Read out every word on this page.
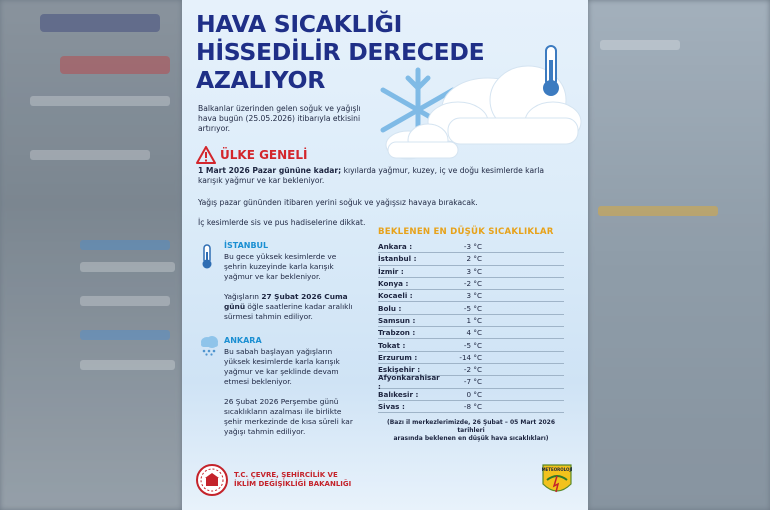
HAVA SICAKLIĞI
HİSSEDİLİR DERECEDE
AZALIYOR
Balkanlar üzerinden gelen soğuk ve yağışlı
hava bugün (25.05.2026) itibarıyla etkisini
artırıyor.
ÜLKE GENELİ
1 Mart 2026 Pazar gününe kadar; kıyılarda yağmur, kuzey, iç ve doğu kesimlerde karla
karışık yağmur ve kar bekleniyor.
Yağış pazar gününden itibaren yerini soğuk ve yağışsız havaya bırakacak.
İç kesimlerde sis ve pus hadiselerine dikkat.
İSTANBUL
Bu gece yüksek kesimlerde ve
şehrin kuzeyinde karla karışık
yağmur ve kar bekleniyor.
Yağışların 27 Şubat 2026 Cuma
günü öğle saatlerine kadar aralıklı
sürmesi tahmin ediliyor.
ANKARA
Bu sabah başlayan yağışların
yüksek kesimlerde karla karışık
yağmur ve kar şeklinde devam
etmesi bekleniyor.
26 Şubat 2026 Perşembe günü
sıcaklıkların azalması ile birlikte
şehir merkezinde de kısa süreli kar
yağışı tahmin ediliyor.
BEKLENEN EN DÜŞÜK SICAKLIKLAR
Ankara :	-3 °C
İstanbul :	2 °C
İzmir :	3 °C
Konya :	-2 °C
Kocaeli :	3 °C
Bolu :	-5 °C
Samsun :	1 °C
Trabzon :	4 °C
Tokat :	-5 °C
Erzurum :	-14 °C
Eskişehir :	-2 °C
Afyonkarahisar :
-7 °C
Balıkesir :	0 °C
Sivas :	-8 °C
(Bazı il merkezlerimizde, 26 Şubat – 05 Mart 2026 tarihleri
arasında beklenen en düşük hava sıcaklıkları)
T.C. ÇEVRE, ŞEHİRCİLİK VE
İKLİM DEĞİŞİKLİĞİ BAKANLIĞI
METEOROLOJİ
